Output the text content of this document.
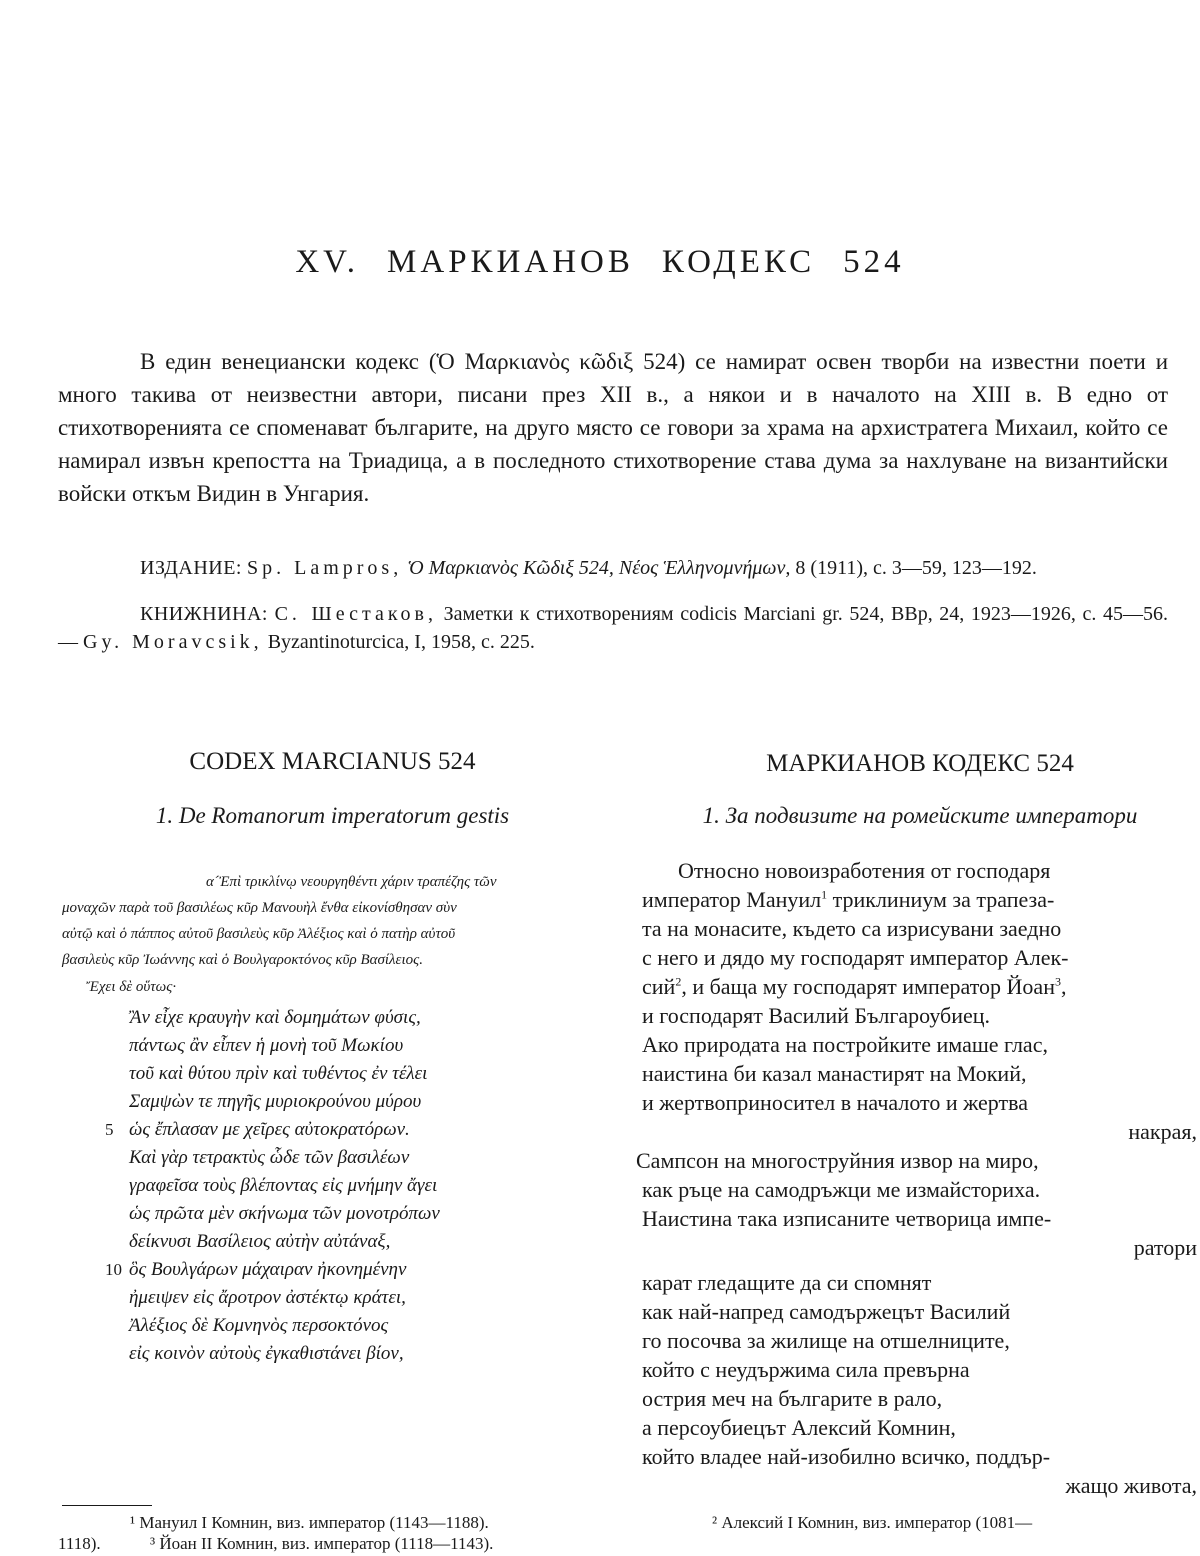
XV. МАРКИАНОВ КОДЕКС 524

В един венециански кодекс (Ὁ Μαρκιανὸς κῶδιξ 524) се намират освен творби на известни поети и много такива от неизвестни автори, писани през XII в., а някои и в началото на XIII в. В едно от стихотворенията се споменават българите, на друго място се говори за храма на архистратега Михаил, който се намирал извън крепостта на Триадица, а в последното стихотворение става дума за нахлуване на византийски войски откъм Видин в Унгария.

ИЗДАНИЕ: Sp. Lampros, Ὁ Μαρκιανὸς Κῶδιξ 524, Νέος Ἑλληνομνήμων, 8 (1911), с. 3—59, 123—192.
КНИЖНИНА: С. Шестаков, Заметки к стихотворениям codicis Marciani gr. 524, ВВр, 24, 1923—1926, с. 45—56. — Gy. Moravcsik, Byzantinoturcica, I, 1958, с. 225.
CODEX MARCIANUS 524
1. De Romanorum imperatorum gestis
α´Ἐπὶ τρικλίνῳ νεουργηθέντι χάριν τραπέζης τῶν
μοναχῶν παρὰ τοῦ βασιλέως κῦρ Μανουὴλ ἔνθα εἰκονίσθησαν σὺν
αὐτῷ καὶ ὁ πάππος αὐτοῦ βασιλεὺς κῦρ Ἀλέξιος καὶ ὁ πατὴρ αὐτοῦ
βασιλεὺς κῦρ Ἰωάννης καὶ ὁ Βουλγαροκτόνος κῦρ Βασίλειος.
Ἔχει δὲ οὕτως·
Ἂν εἶχε κραυγὴν καὶ δομημάτων φύσις,
πάντως ἂν εἶπεν ἡ μονὴ τοῦ Μωκίου
τοῦ καὶ θύτου πρὶν καὶ τυθέντος ἐν τέλει
Σαμψὼν τε πηγῆς μυριοκρούνου μύρου
5 ὡς ἔπλασαν με χεῖρες αὐτοκρατόρων.
Καὶ γὰρ τετρακτὺς ὧδε τῶν βασιλέων
γραφεῖσα τοὺς βλέποντας εἰς μνήμην ἄγει
ὡς πρῶτα μὲν σκήνωμα τῶν μονοτρόπων
δείκνυσι Βασίλειος αὐτὴν αὐτάναξ,
10 ὃς Βουλγάρων μάχαιραν ἠκονημένην
ἠμειψεν εἰς ἄροτρον ἀστέκτῳ κράτει,
Ἀλέξιος δὲ Κομνηνὸς περσοκτόνος
εἰς κοινὸν αὐτοὺς ἐγκαθιστάνει βίον,
МАРКИАНОВ КОДЕКС 524
1. За подвизите на ромейските императори
Относно новоизработения от господаря
император Мануил$^1$ триклиниум за трапеза-
та на монасите, където са изрисувани заедно
с него и дядо му господарят император Алек-
сий$^2$, и баща му господарят император Йоан$^3$,
и господарят Василий Българоубиец.
Ако природата на постройките имаше глас,
наистина би казал манастирят на Мокий,
и жертвоприносител в началото и жертва
накрая,
Сампсон на многоструйния извор на миро,
как ръце на самодръжци ме измайсториха.
Наистина така изписаните четворица импе-
ратори
карат гледащите да си спомнят
как най-напред самодържецът Василий
го посочва за жилище на отшелниците,
който с неудържима сила превърна
острия меч на българите в рало,
а персоубиецът Алексий Комнин,
който владее най-изобилно всичко, поддър-
жащо живота,
¹ Мануил I Комнин, виз. император (1143—1188).	² Алексий I Комнин, виз. император (1081—
1118).	³ Йоан II Комнин, виз. император (1118—1143).
